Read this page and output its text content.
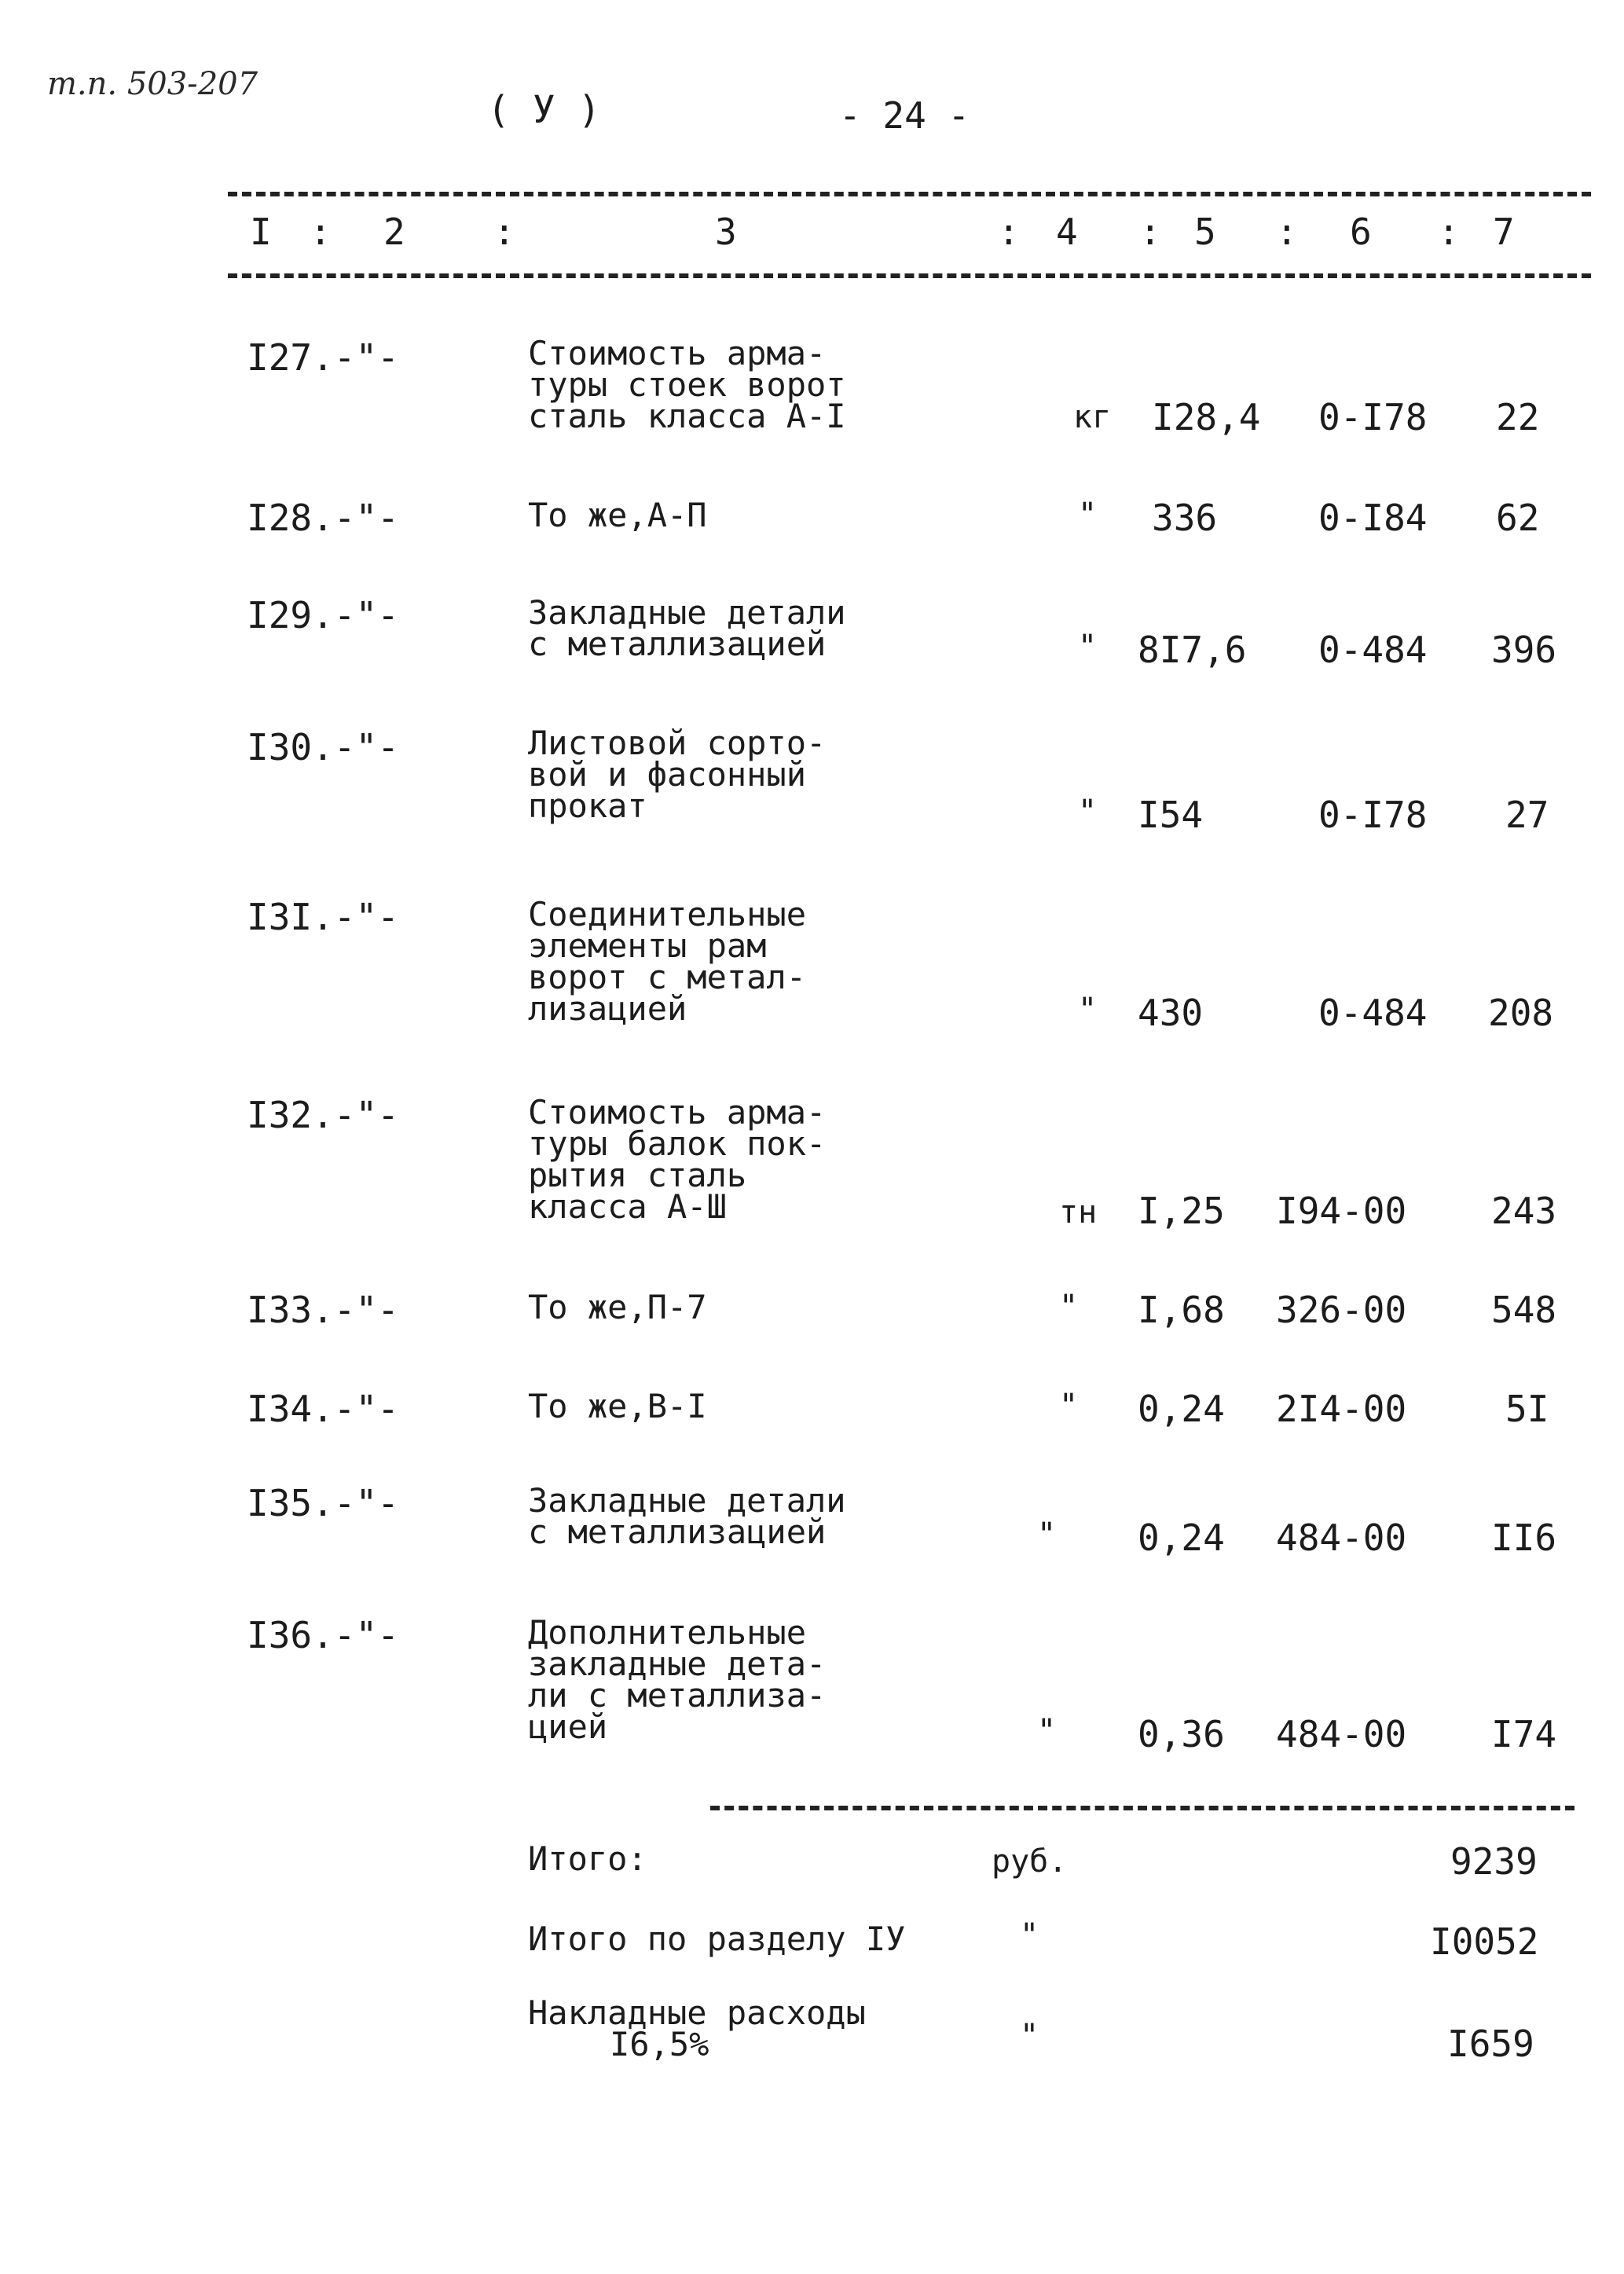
т.п. 503-207
( У )	- 24 -
I : 2 :	3	: 4 : 5 : 6 : 7
I27.-"-	Стоимость арма-
туры стоек ворот
сталь класса А-I	кг I28,4 0-I78 22
I28.-"-	То же,А-П	" 336	0-I84 62
I29.-"-	Закладные детали
с металлизацией	" 8I7,6 0-484 396
I30.-"-	Листовой сорто-
вой и фасонный
прокат	" I54	0-I78 27
I3I.-"-	Соединительные
элементы рам
ворот с метал-
лизацией	" 430	0-484 208
I32.-"-	Стоимость арма-
туры балок пок-
рытия сталь
класса А-Ш	тн I,25 I94-00 243
I33.-"-	То же,П-7	" I,68 326-00 548
I34.-"-	То же,В-I	" 0,24 2I4-00	5I
I35.-"-	Закладные детали
с металлизацией	" 0,24 484-00 II6
I36.-"-	Дополнительные
закладные дета-
ли с металлиза-
цией	" 0,36 484-00 I74
Итого:	руб.	9239
Итого по разделу IУ	"	I0052
Накладные расходы
I6,5%	"	I659
